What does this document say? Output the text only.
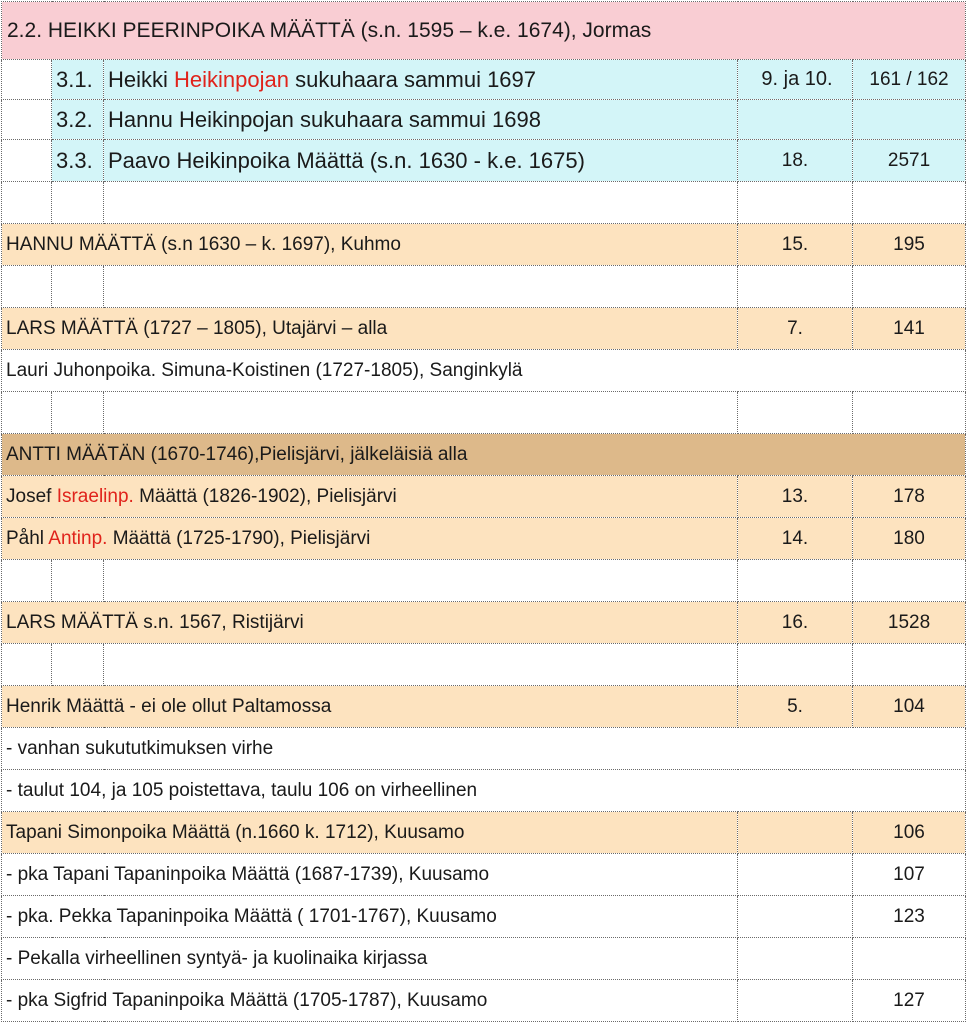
2.2. HEIKKI PEERINPOIKA MÄÄTTÄ (s.n. 1595 – k.e. 1674), Jormas				
	3.1.	Heikki Heikinpojan sukuhaara sammui 1697	9. ja 10.	161 / 162
	3.2.	Hannu Heikinpojan sukuhaara sammui 1698		
	3.3.	Paavo Heikinpoika Määttä (s.n. 1630 - k.e. 1675)	18.	2571

HANNU MÄÄTTÄ (s.n 1630 – k. 1697), Kuhmo			15.	195

LARS MÄÄTTÄ (1727 – 1805), Utajärvi – alla			7.	141
Lauri Juhonpoika. Simuna-Koistinen (1727-1805), Sanginkylä				

ANTTI MÄÄTÄN (1670-1746),Pielisjärvi, jälkeläisiä alla				
Josef Israelinp. Määttä (1826-1902), Pielisjärvi			13.	178
Påhl Antinp. Määttä (1725-1790), Pielisjärvi			14.	180

LARS MÄÄTTÄ s.n. 1567, Ristijärvi			16.	1528

Henrik Määttä - ei ole ollut Paltamossa			5.	104
- vanhan sukututkimuksen virhe				
- taulut 104, ja 105 poistettava, taulu 106 on virheellinen				
Tapani Simonpoika Määttä (n.1660 k. 1712), Kuusamo				106
- pka Tapani Tapaninpoika Määttä (1687-1739), Kuusamo				107
- pka. Pekka Tapaninpoika Määttä ( 1701-1767), Kuusamo				123
- Pekalla virheellinen syntyä- ja kuolinaika kirjassa				
- pka Sigfrid Tapaninpoika Määttä (1705-1787), Kuusamo				127
